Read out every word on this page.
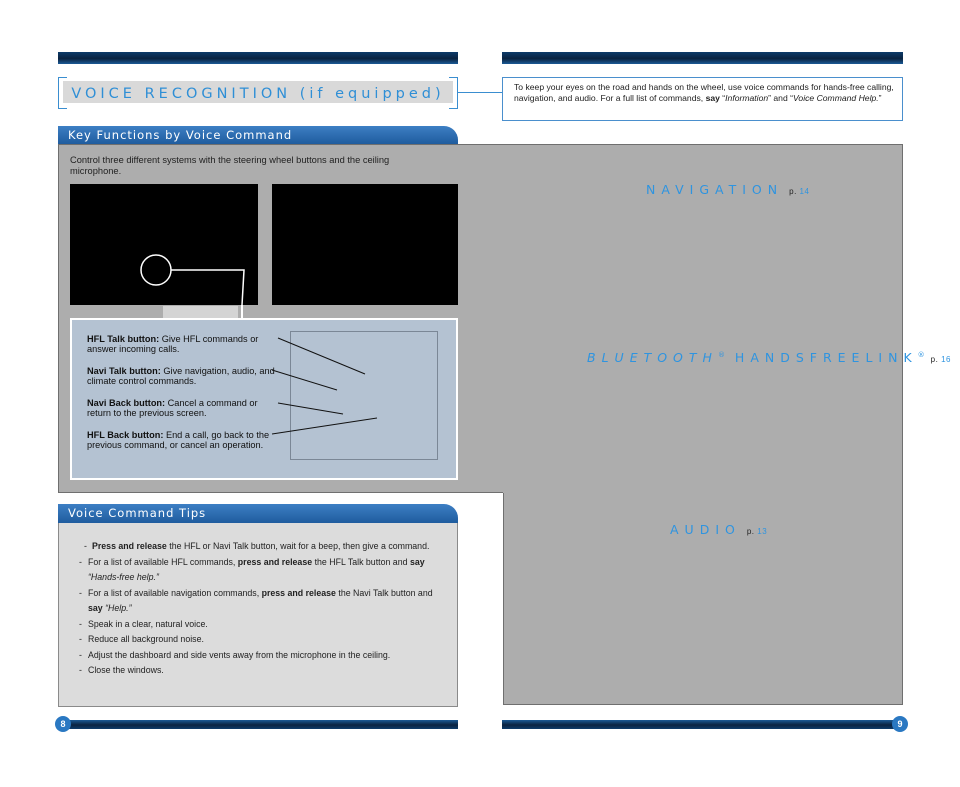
VOICE RECOGNITION (if equipped)	To keep your eyes on the road and hands on the wheel, use voice commands for hands-free calling, navigation, and audio. For a full list of commands, say “Information” and “Voice Command Help.”
Key Functions by Voice Command
Control three different systems with the steering wheel buttons and the ceiling microphone.
HFL Talk button: Give HFL commands or answer incoming calls.
Navi Talk button: Give navigation, audio, and climate control commands.
Navi Back button: Cancel a command or return to the previous screen.
HFL Back button: End a call, go back to the previous command, or cancel an operation.
NAVIGATION p. 14
BLUETOOTH® HANDSFREELINK®p. 16
AUDIO p. 13
Voice Command Tips
- Press and release the HFL or Navi Talk button, wait for a beep, then give a command.
- For a list of available HFL commands, press and release the HFL Talk button and say “Hands-free help.”
- For a list of available navigation commands, press and release the Navi Talk button and say “Help.”
- Speak in a clear, natural voice.
- Reduce all background noise.
- Adjust the dashboard and side vents away from the microphone in the ceiling.
- Close the windows.
8	9
